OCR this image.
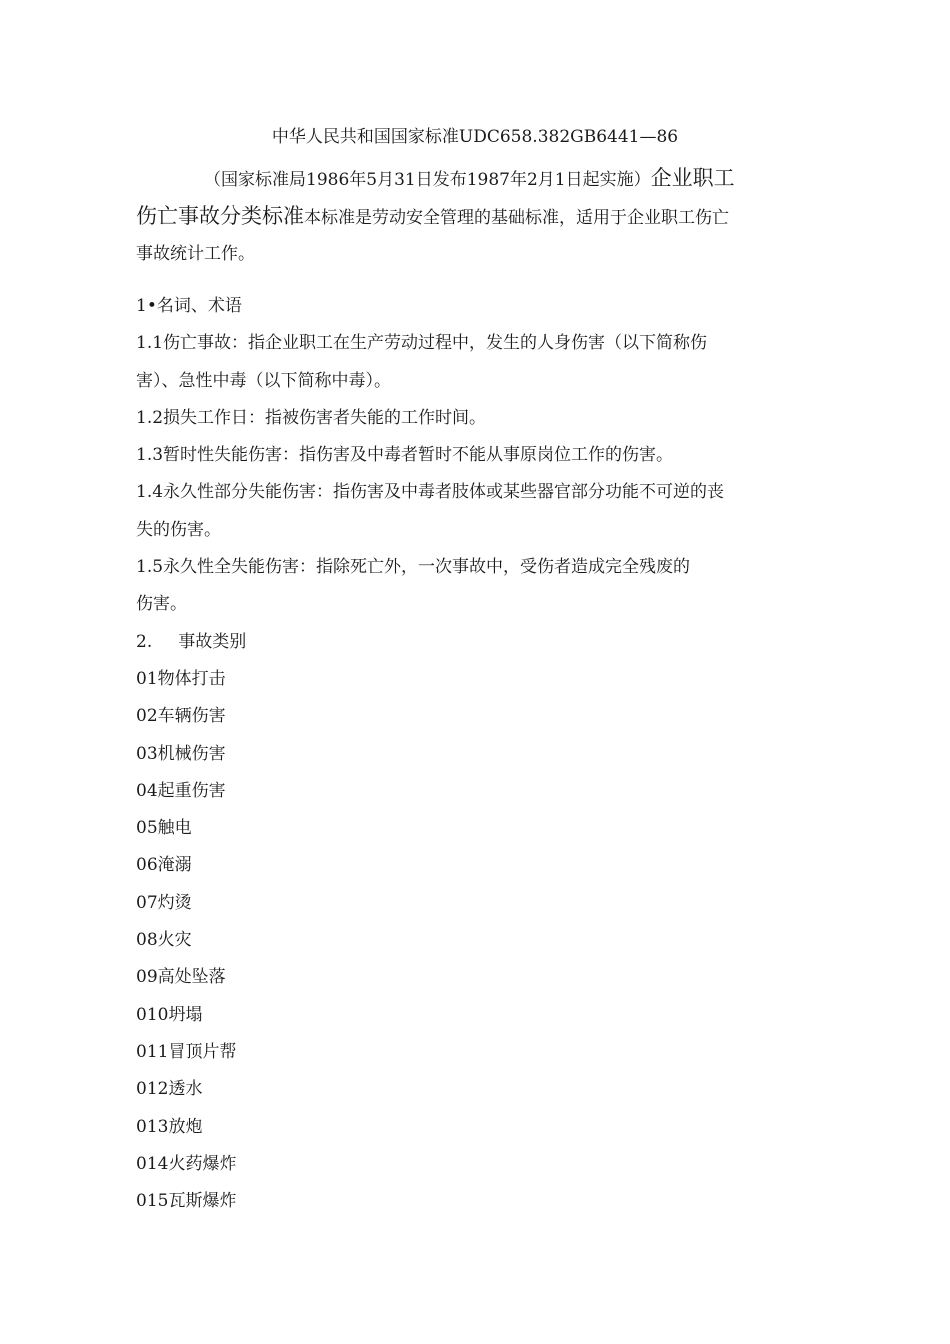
中华人民共和国国家标准UDC658.382GB6441—86
（国家标准局1986年5月31日发布1987年2月1日起实施）企业职工
伤亡事故分类标准本标准是劳动安全管理的基础标准，适用于企业职工伤亡
事故统计工作。
1•名词、术语
1.1伤亡事故：指企业职工在生产劳动过程中，发生的人身伤害（以下简称伤
害）、急性中毒（以下简称中毒）。
1.2损失工作日：指被伤害者失能的工作时间。
1.3暂时性失能伤害：指伤害及中毒者暂时不能从事原岗位工作的伤害。
1.4永久性部分失能伤害：指伤害及中毒者肢体或某些器官部分功能不可逆的丧
失的伤害。
1.5永久性全失能伤害：指除死亡外，一次事故中，受伤者造成完全残废的
伤害。
2. 事故类别
01物体打击
02车辆伤害
03机械伤害
04起重伤害
05触电
06淹溺
07灼烫
08火灾
09高处坠落
010坍塌
011冒顶片帮
012透水
013放炮
014火药爆炸
015瓦斯爆炸
